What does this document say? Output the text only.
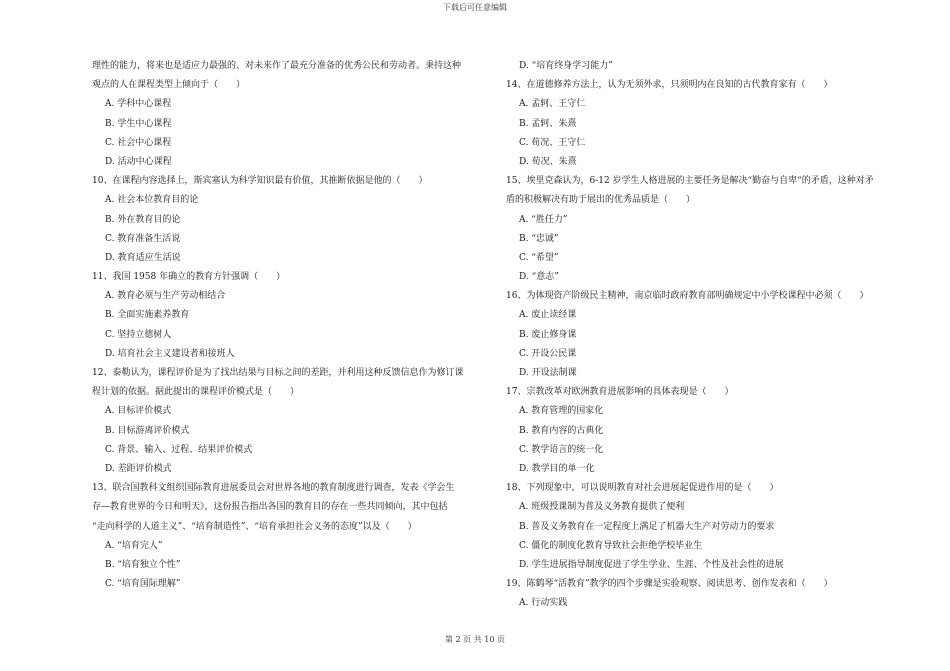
下载后可任意编辑
理性的能力，将来也是适应力最强的、对未来作了最充分准备的优秀公民和劳动者。秉持这种
观点的人在课程类型上倾向于（　　）
A. 学科中心课程
B. 学生中心课程
C. 社会中心课程
D. 活动中心课程
10、在课程内容选择上，斯宾塞认为科学知识最有价值，其推断依据是他的（　　）
A. 社会本位教育目的论
B. 外在教育目的论
C. 教育准备生活说
D. 教育适应生活说
11、我国 1958 年确立的教育方针强调（　　）
A. 教育必须与生产劳动相结合
B. 全面实施素养教育
C. 坚持立德树人
D. 培育社会主义建设者和接班人
12、泰勒认为，课程评价是为了找出结果与目标之间的差距，并利用这种反馈信息作为修订课
程计划的依据。据此提出的课程评价模式是（　　）
A. 目标评价模式
B. 目标游离评价模式
C. 背景、输入、过程、结果评价模式
D. 差距评价模式
13、联合国教科文组织国际教育进展委员会对世界各地的教育制度进行调查，发表《学会生
存—教育世界的今日和明天》，这份报告指出各国的教育目的存在一些共同倾向，其中包括
“走向科学的人道主义”、“培育制造性”、“培育承担社会义务的态度”以及（　　）
A. “培育完人”
B. “培育独立个性”
C. “培育国际理解”
D. “培育终身学习能力”
14、在道德修养方法上，认为无须外求，只须明内在良知的古代教育家有（　　）
A. 孟轲、王守仁
B. 孟轲、朱熹
C. 荀况、王守仁
D. 荀况、朱熹
15、埃里克森认为，6-12 岁学生人格进展的主要任务是解决“勤奋与自卑“的矛盾，这种对矛
盾的积极解决有助于展出的优秀品质是（　　）
A. “胜任力”
B. “忠诚”
C. “希望”
D. “意志”
16、为体现资产阶级民主精神，南京临时政府教育部明确规定中小学校课程中必须（　　）
A. 废止读经课
B. 废止修身课
C. 开设公民课
D. 开设法制课
17、宗教改革对欧洲教育进展影响的具体表现是（　　）
A. 教育管理的国家化
B. 教育内容的古典化
C. 教学语言的统一化
D. 教学目的单一化
18、下列现象中，可以说明教育对社会进展起促进作用的是（　　）
A. 班级授课制为普及义务教育提供了便利
B. 普及义务教育在一定程度上满足了机器大生产对劳动力的要求
C. 僵化的制度化教育导致社会拒绝学校毕业生
D. 学生进展指导制度促进了学生学业、生涯、个性及社会性的进展
19、陈鹤琴“活教育”教学的四个步骤是实验观察、阅读思考、创作发表和（　　）
A. 行动实践
第 2 页 共 10 页
